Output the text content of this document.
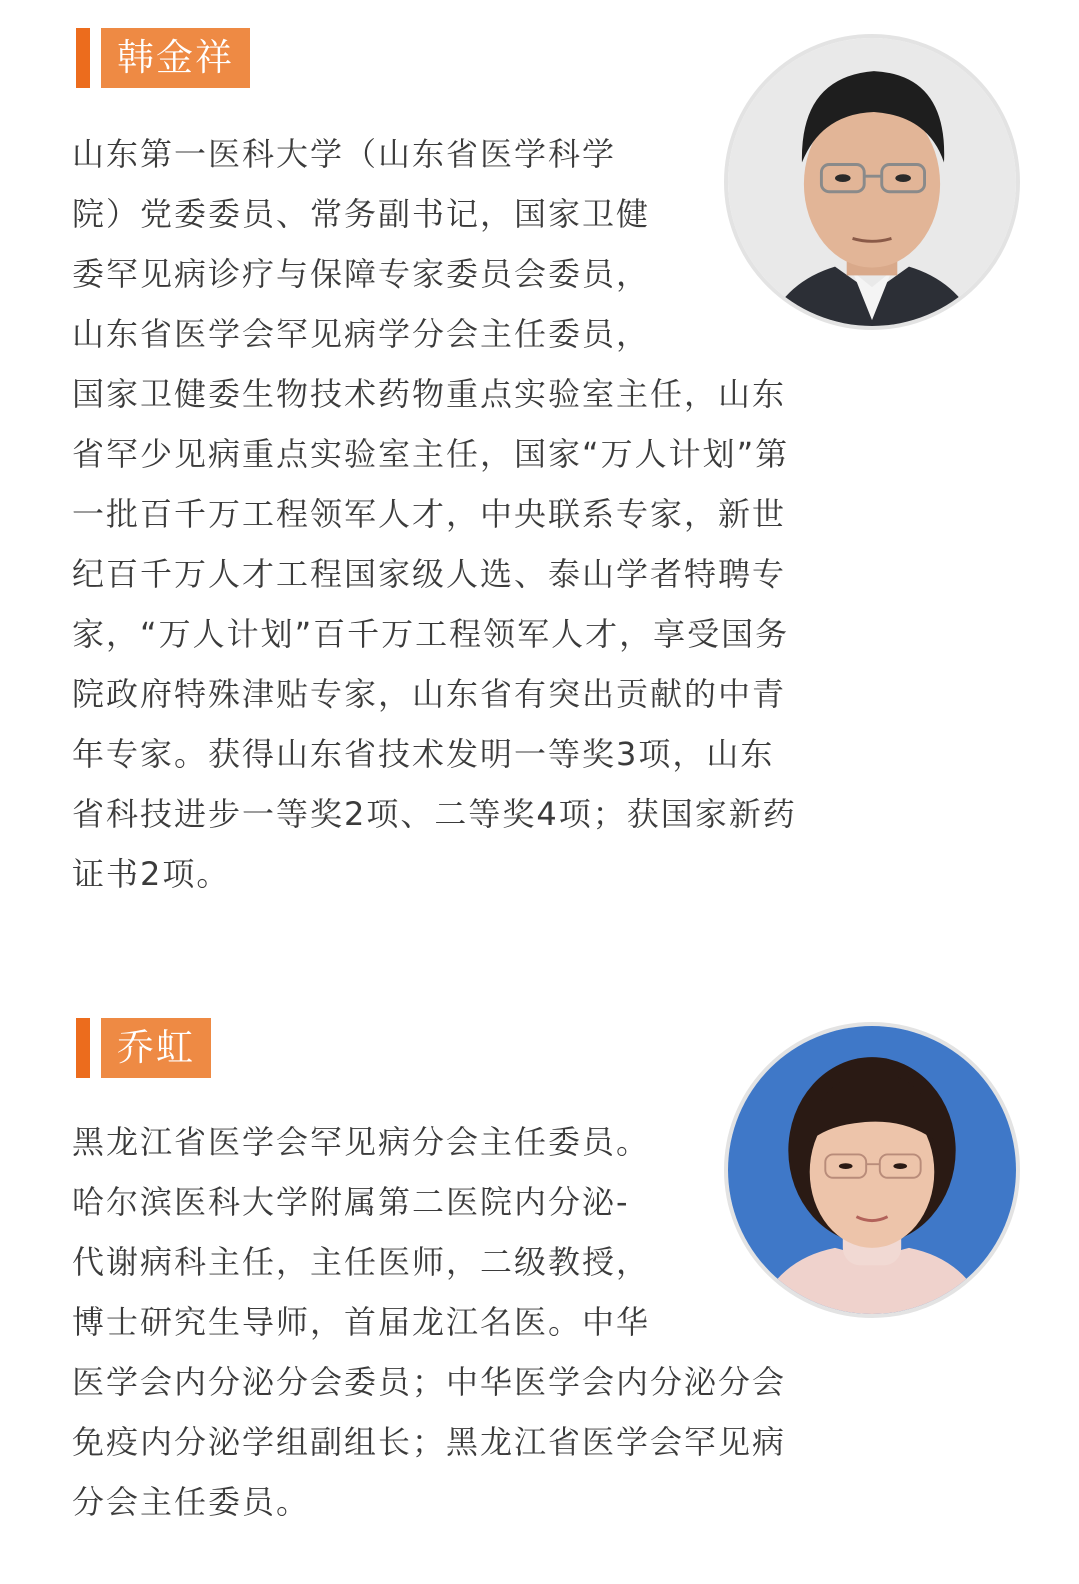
韩金祥
山东第一医科大学（山东省医学科学
院）党委委员、常务副书记，国家卫健
委罕见病诊疗与保障专家委员会委员，
山东省医学会罕见病学分会主任委员，
国家卫健委生物技术药物重点实验室主任，山东
省罕少见病重点实验室主任，国家“万人计划”第
一批百千万工程领军人才，中央联系专家，新世
纪百千万人才工程国家级人选、泰山学者特聘专
家，“万人计划”百千万工程领军人才，享受国务
院政府特殊津贴专家，山东省有突出贡献的中青
年专家。获得山东省技术发明一等奖3项，山东
省科技进步一等奖2项、二等奖4项；获国家新药
证书2项。
乔虹
黑龙江省医学会罕见病分会主任委员。
哈尔滨医科大学附属第二医院内分泌-
代谢病科主任，主任医师，二级教授，
博士研究生导师，首届龙江名医。中华
医学会内分泌分会委员；中华医学会内分泌分会
免疫内分泌学组副组长；黑龙江省医学会罕见病
分会主任委员。
